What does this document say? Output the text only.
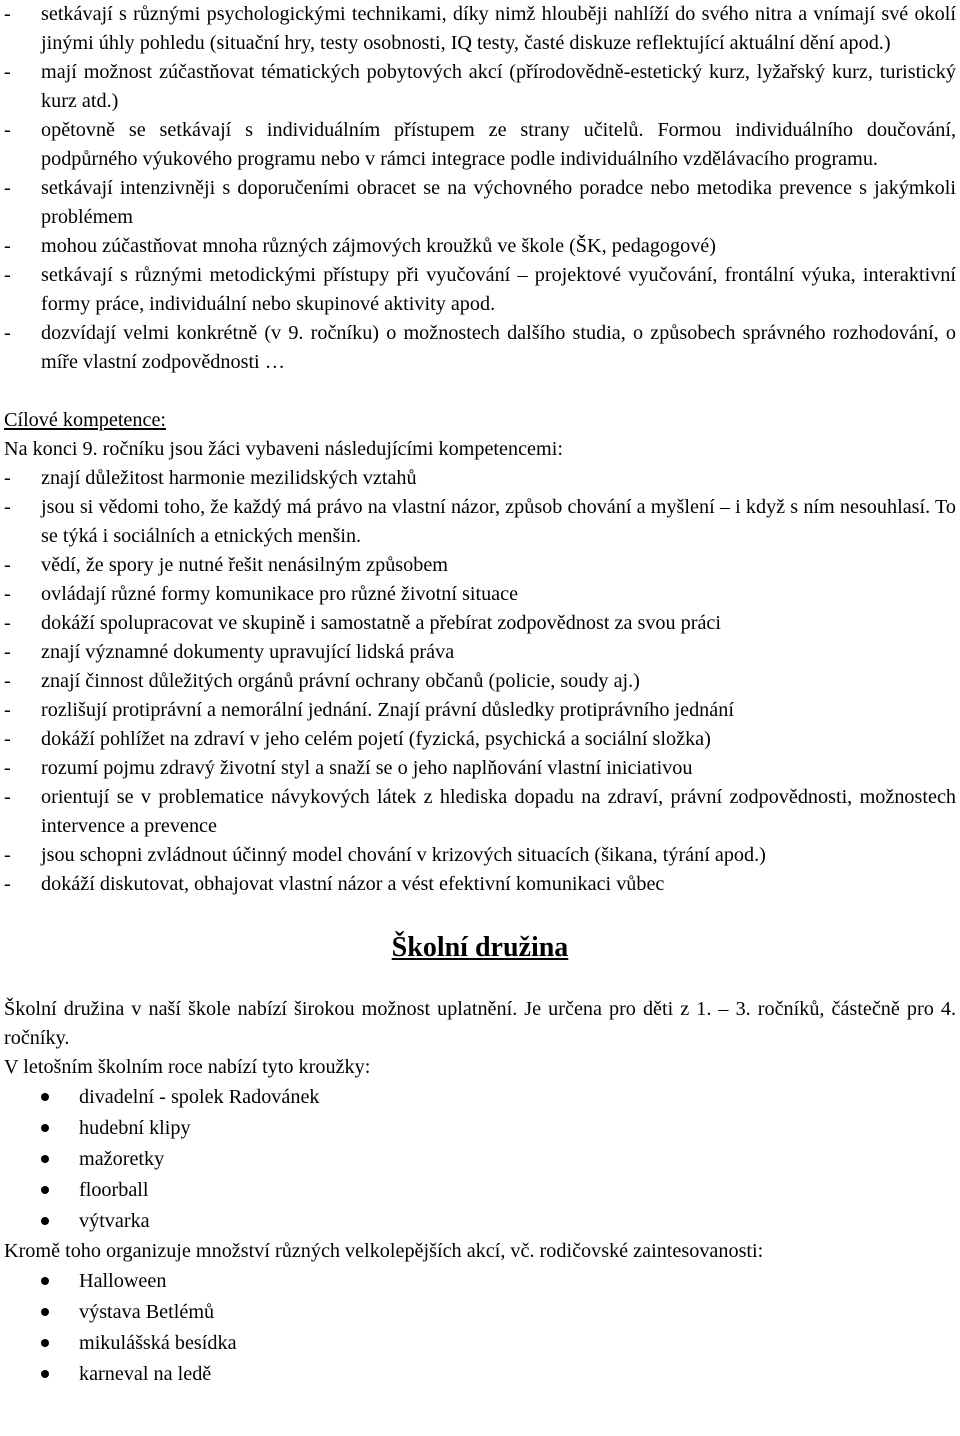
-	setkávají s různými psychologickými technikami, díky nimž hlouběji nahlíží do svého nitra a vnímají své okolí jinými úhly pohledu (situační hry, testy osobnosti, IQ testy, časté diskuze reflektující aktuální dění apod.)
-	mají možnost zúčastňovat tématických pobytových akcí (přírodovědně-estetický kurz, lyžařský kurz, turistický kurz atd.)
-	opětovně se setkávají s individuálním přístupem ze strany učitelů. Formou individuálního doučování, podpůrného výukového programu nebo v rámci integrace podle individuálního vzdělávacího programu.
-	setkávají intenzivněji s doporučeními obracet se na výchovného poradce nebo metodika prevence s jakýmkoli problémem
-	mohou zúčastňovat mnoha různých zájmových kroužků ve škole (ŠK, pedagogové)
-	setkávají s různými metodickými přístupy při vyučování – projektové vyučování, frontální výuka, interaktivní formy práce, individuální nebo skupinové aktivity apod.
-	dozvídají velmi konkrétně (v 9. ročníku) o možnostech dalšího studia, o způsobech správného rozhodování, o míře vlastní zodpovědnosti …
Cílové kompetence:
Na konci 9. ročníku jsou žáci vybaveni následujícími kompetencemi:
-	znají důležitost harmonie mezilidských vztahů
-	jsou si vědomi toho, že každý má právo na vlastní názor, způsob chování a myšlení – i když s ním nesouhlasí. To se týká i sociálních a etnických menšin.
-	vědí, že spory je nutné řešit nenásilným způsobem
-	ovládají různé formy komunikace pro různé životní situace
-	dokáží spolupracovat ve skupině i samostatně a přebírat zodpovědnost za svou práci
-	znají významné dokumenty upravující lidská práva
-	znají činnost důležitých orgánů právní ochrany občanů (policie, soudy aj.)
-	rozlišují protiprávní a nemorální jednání. Znají právní důsledky protiprávního jednání
-	dokáží pohlížet na zdraví v jeho celém pojetí (fyzická, psychická a sociální složka)
-	rozumí pojmu zdravý životní styl a snaží se o jeho naplňování vlastní iniciativou
-	orientují se v problematice návykových látek z hlediska dopadu na zdraví, právní zodpovědnosti, možnostech intervence a prevence
-	jsou schopni zvládnout účinný model chování v krizových situacích (šikana, týrání apod.)
-	dokáží diskutovat, obhajovat vlastní názor a vést efektivní komunikaci vůbec
Školní družina
Školní družina v naší škole nabízí širokou možnost uplatnění. Je určena pro děti z 1. – 3. ročníků, částečně pro 4. ročníky.
V letošním školním roce nabízí tyto kroužky:
divadelní - spolek Radovánek
hudební klipy
mažoretky
floorball
výtvarka
Kromě toho organizuje množství různých velkolepějších akcí, vč. rodičovské zaintesovanosti:
Halloween
výstava Betlémů
mikulášská besídka
karneval na ledě
